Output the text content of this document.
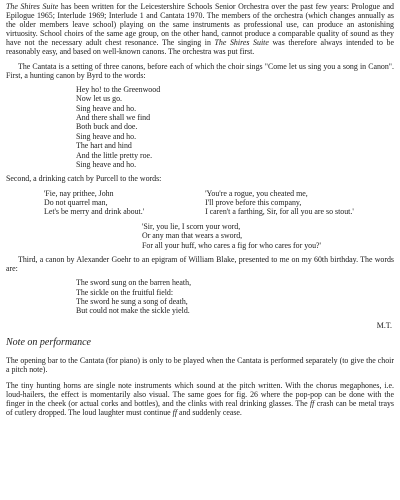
The Shires Suite has been written for the Leicestershire Schools Senior Orchestra over the past few years: Prologue and Epilogue 1965; Interlude 1969; Interlude 1 and Cantata 1970. The members of the orchestra (which changes annually as the older members leave school) playing on the same instruments as professional use, can produce an astonishing virtuosity. School choirs of the same age group, on the other hand, cannot produce a comparable quality of sound as they have not the necessary adult chest resonance. The singing in The Shires Suite was therefore always intended to be reasonably easy, and based on well-known canons. The orchestra was put first.

The Cantata is a setting of three canons, before each of which the choir sings "Come let us sing you a song in Canon". First, a hunting canon by Byrd to the words:

Hey ho! to the Greenwood
Now let us go.
Sing heave and ho.
And there shall we find
Both buck and doe.
Sing heave and ho.
The hart and hind
And the little pretty roe.
Sing heave and ho.

Second, a drinking catch by Purcell to the words:

'Fie, nay prithee, John
Do not quarrel man,
Let's be merry and drink about.'
'You're a rogue, you cheated me,
I'll prove before this company,
I caren't a farthing, Sir, for all you are so stout.'
'Sir, you lie, I scorn your word,
Or any man that wears a sword,
For all your huff, who cares a fig for who cares for you?'

Third, a canon by Alexander Goehr to an epigram of William Blake, presented to me on my 60th birthday. The words are:

The sword sung on the barren heath,
The sickle on the fruitful field:
The sword he sung a song of death,
But could not make the sickle yield.
M.T.
Note on performance

The opening bar to the Cantata (for piano) is only to be played when the Cantata is performed separately (to give the choir a pitch note).

The tiny hunting horns are single note instruments which sound at the pitch written. With the chorus megaphones, i.e. loud-hailers, the effect is momentarily also visual. The same goes for fig. 26 where the pop-pop can be done with the finger in the cheek (or actual corks and bottles), and the clinks with real drinking glasses. The ff crash can be metal trays of cutlery dropped. The loud laughter must continue ff and suddenly cease.
